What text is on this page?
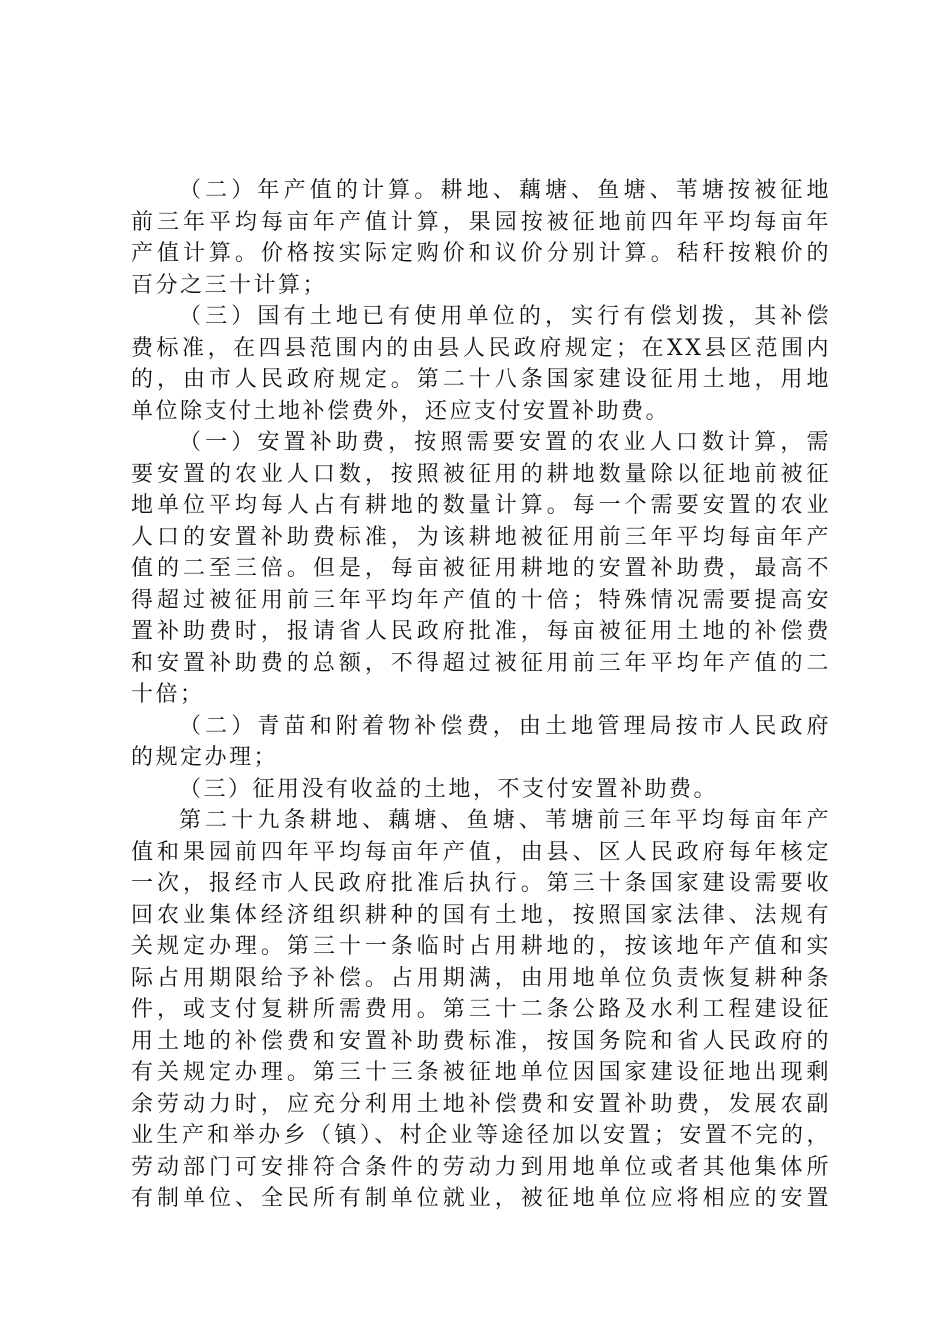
（二）年产值的计算。耕地、藕塘、鱼塘、苇塘按被征地
前三年平均每亩年产值计算，果园按被征地前四年平均每亩年
产值计算。价格按实际定购价和议价分别计算。秸秆按粮价的
百分之三十计算；

（三）国有土地已有使用单位的，实行有偿划拨，其补偿
费标准，在四县范围内的由县人民政府规定；在XX县区范围内
的，由市人民政府规定。第二十八条国家建设征用土地，用地
单位除支付土地补偿费外，还应支付安置补助费。

（一）安置补助费，按照需要安置的农业人口数计算，需
要安置的农业人口数，按照被征用的耕地数量除以征地前被征
地单位平均每人占有耕地的数量计算。每一个需要安置的农业
人口的安置补助费标准，为该耕地被征用前三年平均每亩年产
值的二至三倍。但是，每亩被征用耕地的安置补助费，最高不
得超过被征用前三年平均年产值的十倍；特殊情况需要提高安
置补助费时，报请省人民政府批准，每亩被征用土地的补偿费
和安置补助费的总额，不得超过被征用前三年平均年产值的二
十倍；

（二）青苗和附着物补偿费，由土地管理局按市人民政府
的规定办理；

（三）征用没有收益的土地，不支付安置补助费。

第二十九条耕地、藕塘、鱼塘、苇塘前三年平均每亩年产
值和果园前四年平均每亩年产值，由县、区人民政府每年核定
一次，报经市人民政府批准后执行。第三十条国家建设需要收
回农业集体经济组织耕种的国有土地，按照国家法律、法规有
关规定办理。第三十一条临时占用耕地的，按该地年产值和实
际占用期限给予补偿。占用期满，由用地单位负责恢复耕种条
件，或支付复耕所需费用。第三十二条公路及水利工程建设征
用土地的补偿费和安置补助费标准，按国务院和省人民政府的
有关规定办理。第三十三条被征地单位因国家建设征地出现剩
余劳动力时，应充分利用土地补偿费和安置补助费，发展农副
业生产和举办乡（镇）、村企业等途径加以安置；安置不完的，
劳动部门可安排符合条件的劳动力到用地单位或者其他集体所
有制单位、全民所有制单位就业，被征地单位应将相应的安置
